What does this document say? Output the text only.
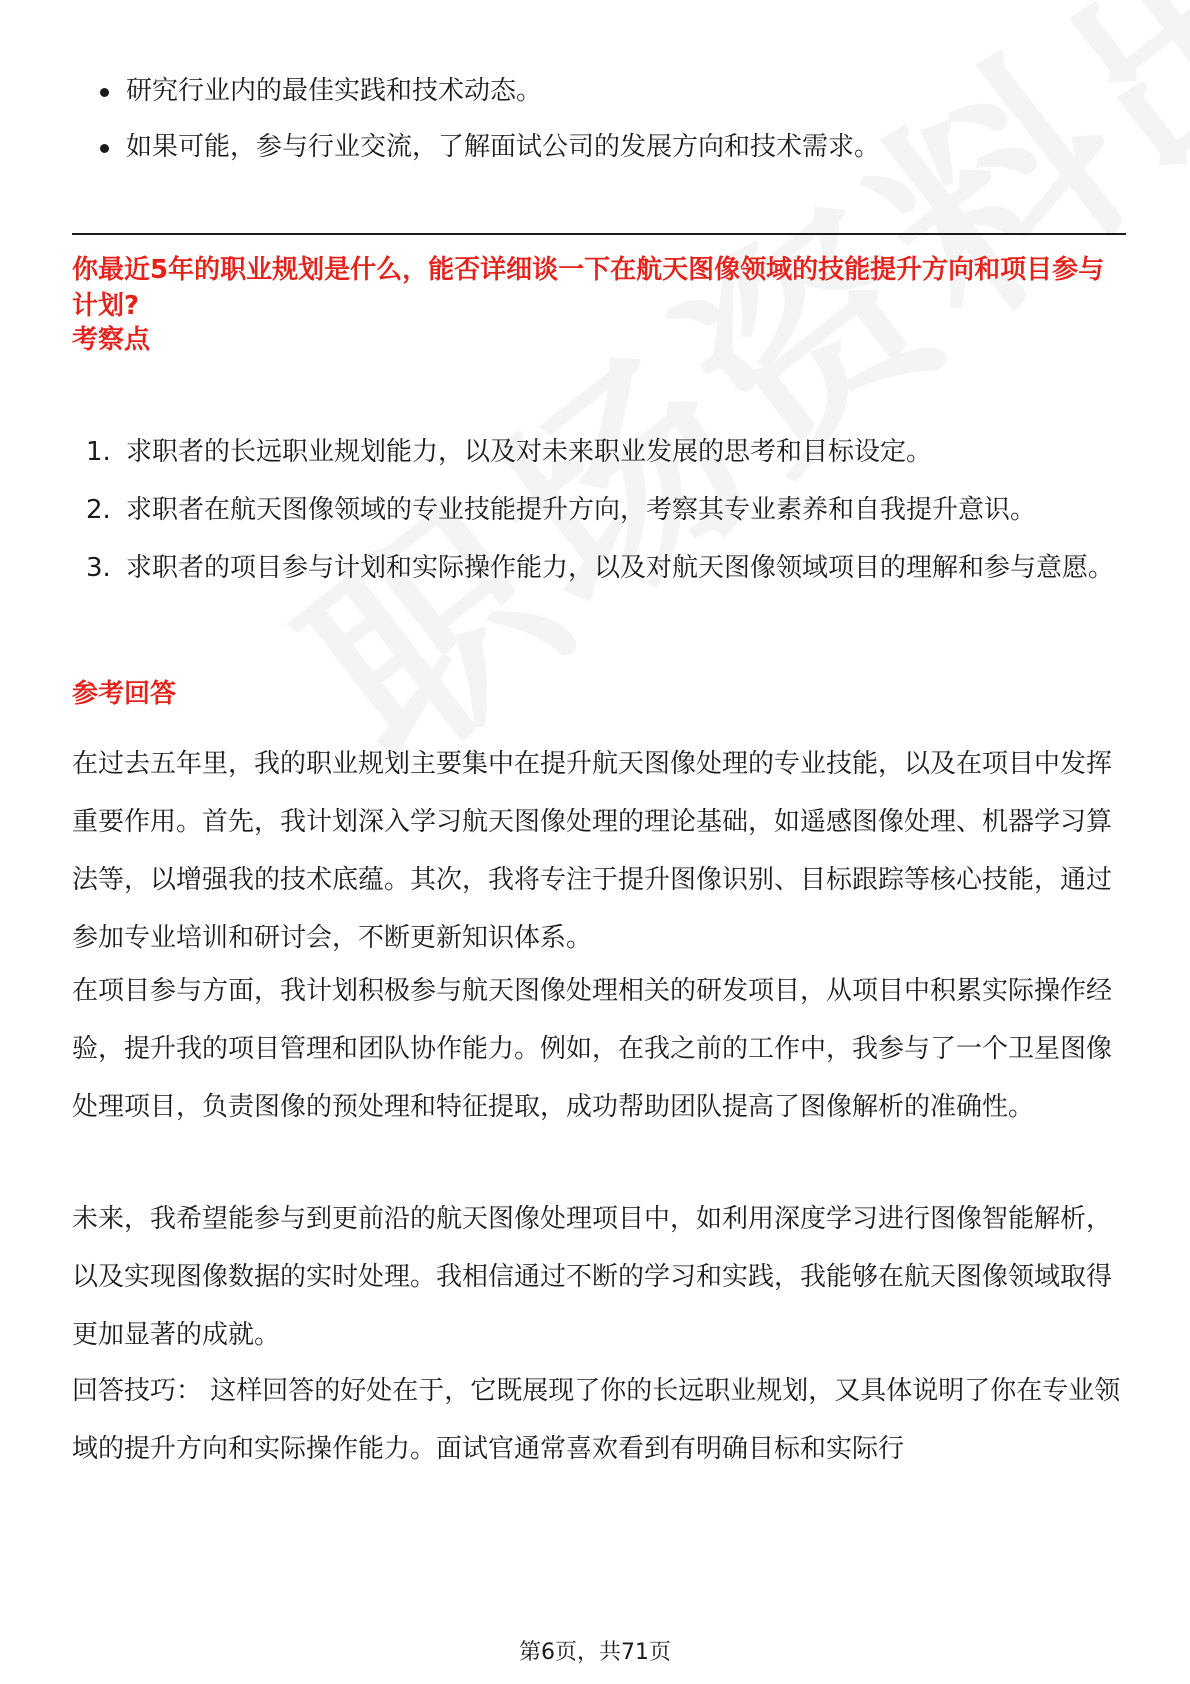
研究行业内的最佳实践和技术动态。
如果可能，参与行业交流，了解面试公司的发展方向和技术需求。
你最近5年的职业规划是什么，能否详细谈一下在航天图像领域的技能提升方向和项目参与计划?
考察点
1. 求职者的长远职业规划能力，以及对未来职业发展的思考和目标设定。
2. 求职者在航天图像领域的专业技能提升方向，考察其专业素养和自我提升意识。
3. 求职者的项目参与计划和实际操作能力，以及对航天图像领域项目的理解和参与意愿。
参考回答

在过去五年里，我的职业规划主要集中在提升航天图像处理的专业技能，以及在项目中发挥重要作用。首先，我计划深入学习航天图像处理的理论基础，如遥感图像处理、机器学习算法等，以增强我的技术底蕴。其次，我将专注于提升图像识别、目标跟踪等核心技能，通过参加专业培训和研讨会，不断更新知识体系。

在项目参与方面，我计划积极参与航天图像处理相关的研发项目，从项目中积累实际操作经验，提升我的项目管理和团队协作能力。例如，在我之前的工作中，我参与了一个卫星图像处理项目，负责图像的预处理和特征提取，成功帮助团队提高了图像解析的准确性。

未来，我希望能参与到更前沿的航天图像处理项目中，如利用深度学习进行图像智能解析，以及实现图像数据的实时处理。我相信通过不断的学习和实践，我能够在航天图像领域取得更加显著的成就。

回答技巧： 这样回答的好处在于，它既展现了你的长远职业规划，又具体说明了你在专业领域的提升方向和实际操作能力。面试官通常喜欢看到有明确目标和实际行

第6页，共71页
